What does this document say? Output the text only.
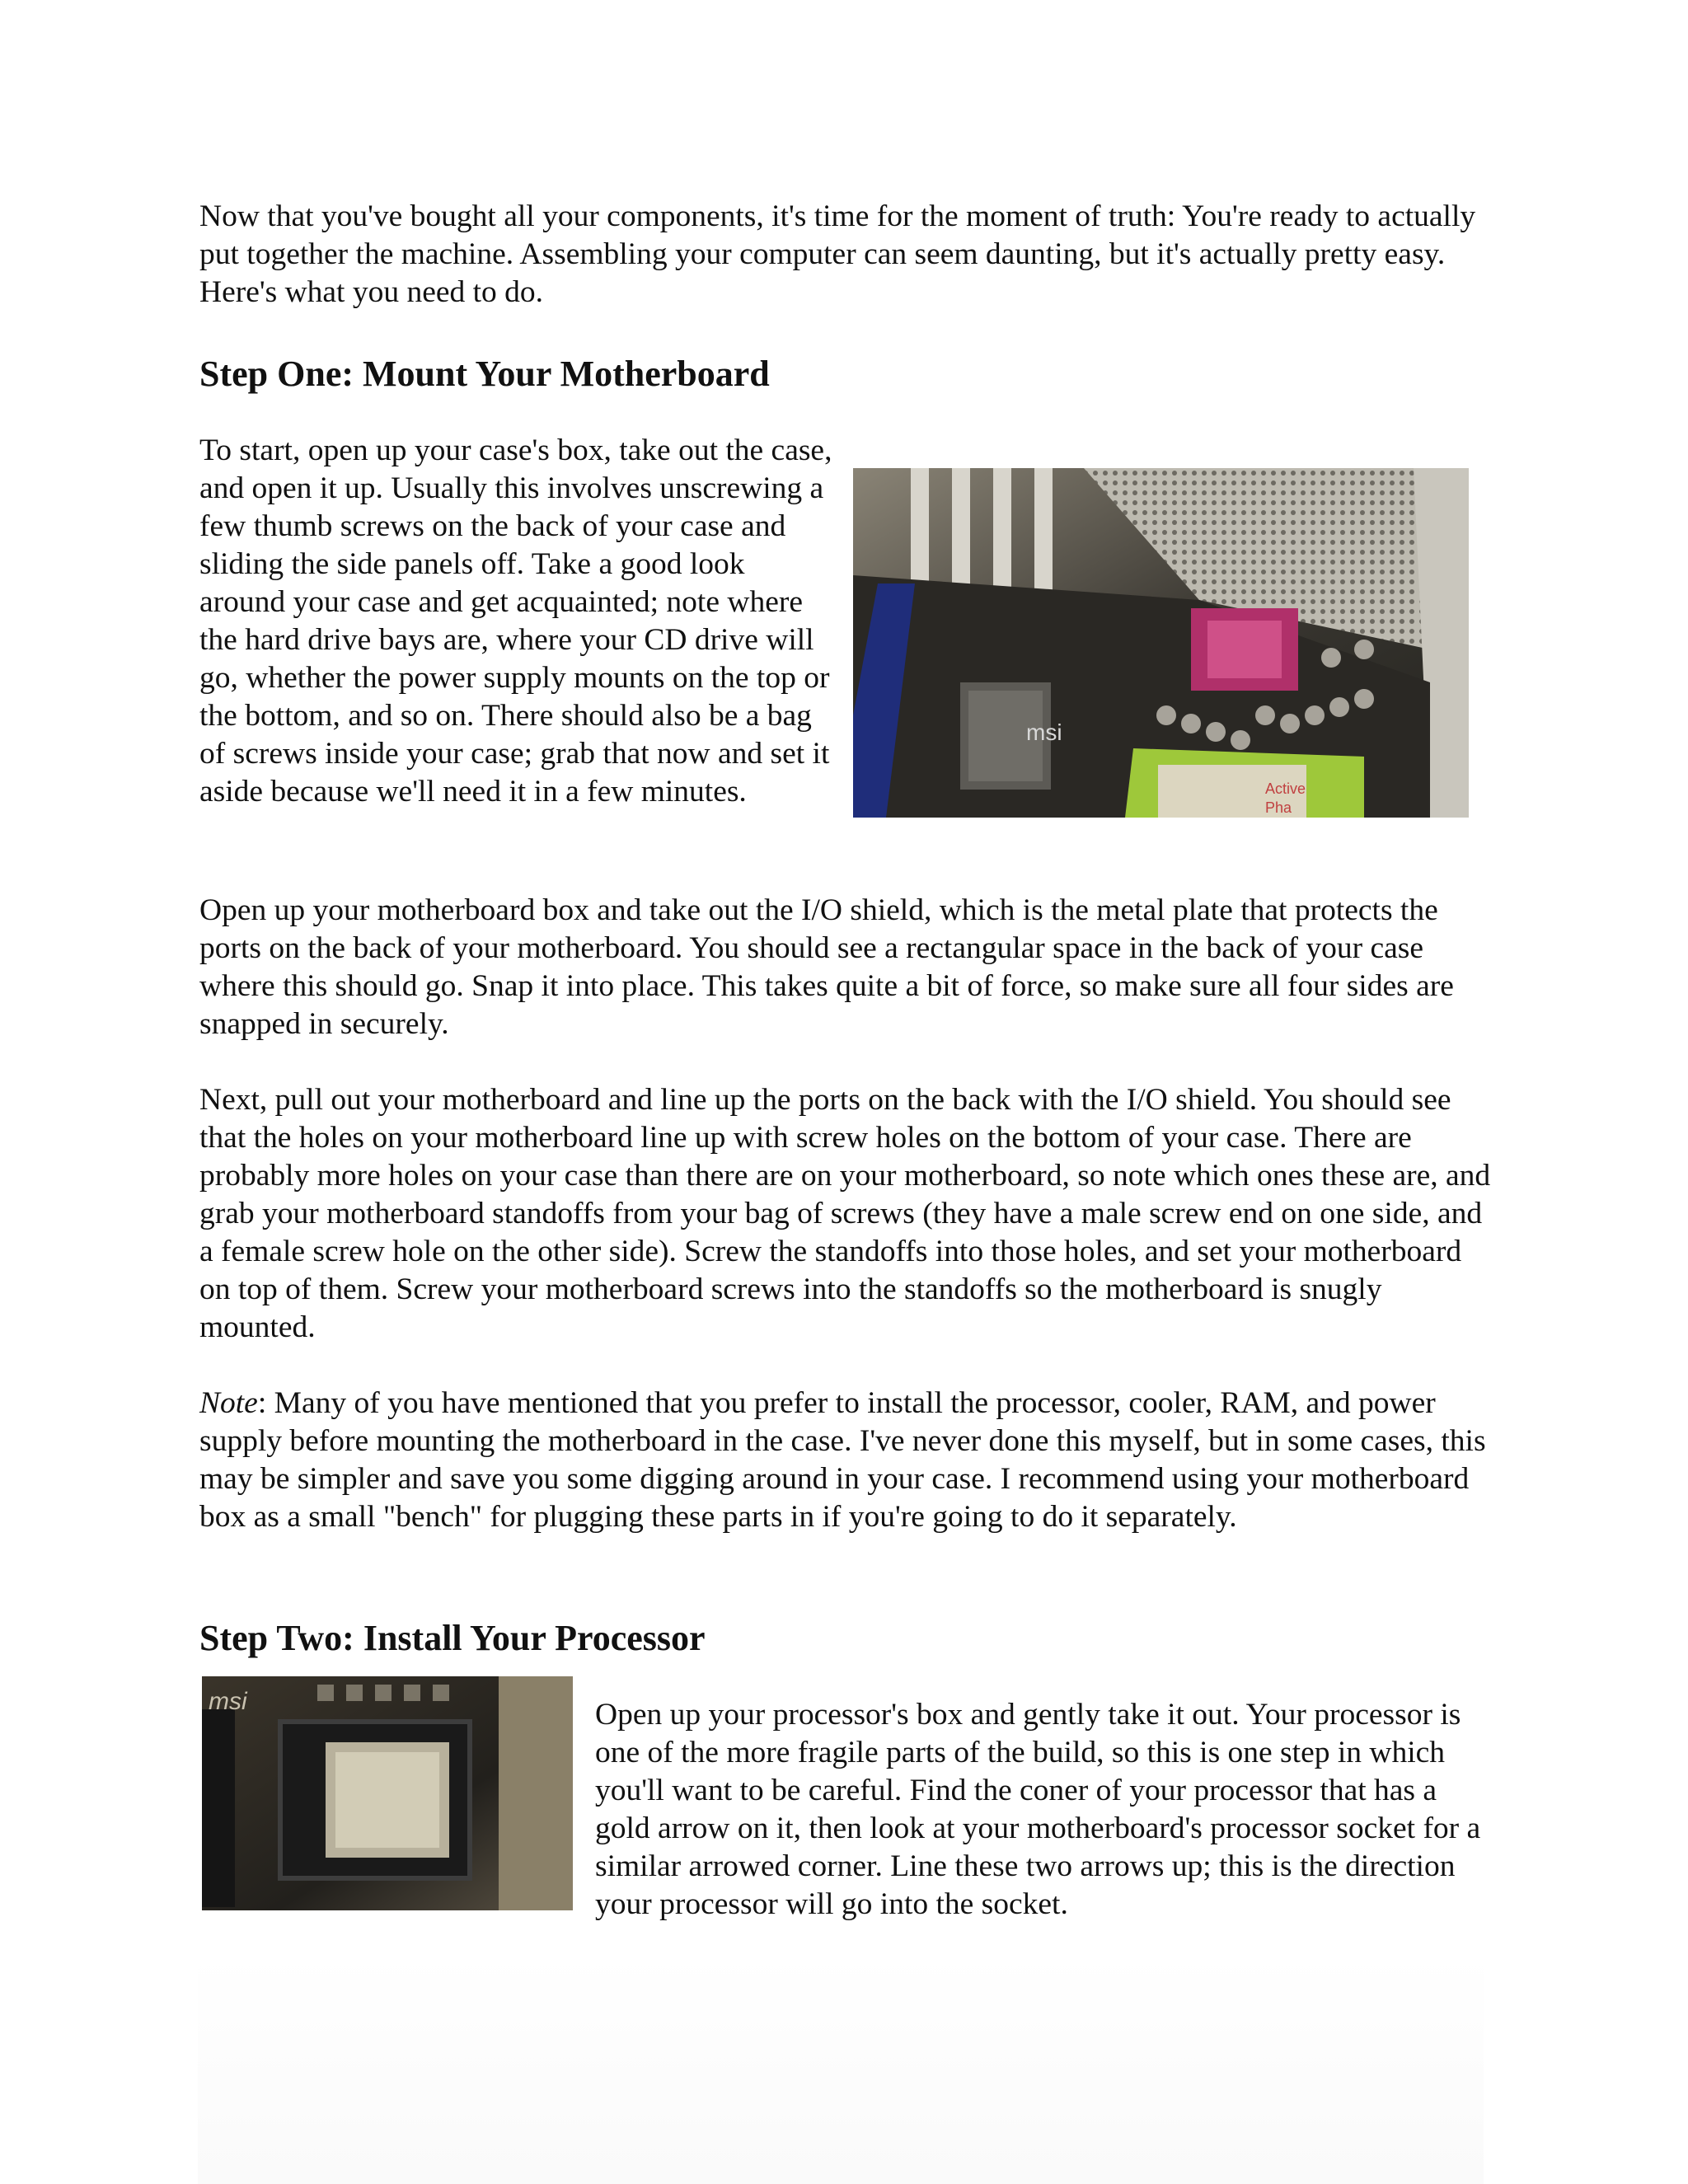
Now that you've bought all your components, it's time for the moment of truth: You're ready to actually put together the machine. Assembling your computer can seem daunting, but it's actually pretty easy. Here's what you need to do.

Step One: Mount Your Motherboard

To start, open up your case's box, take out the case, and open it up. Usually this involves unscrewing a few thumb screws on the back of your case and sliding the side panels off. Take a good look around your case and get acquainted; note where the hard drive bays are, where your CD drive will go, whether the power supply mounts on the top or the bottom, and so on. There should also be a bag of screws inside your case; grab that now and set it aside because we'll need it in a few minutes.

msi
Active
Pha

Open up your motherboard box and take out the I/O shield, which is the metal plate that protects the ports on the back of your motherboard. You should see a rectangular space in the back of your case where this should go. Snap it into place. This takes quite a bit of force, so make sure all four sides are snapped in securely.

Next, pull out your motherboard and line up the ports on the back with the I/O shield. You should see that the holes on your motherboard line up with screw holes on the bottom of your case. There are probably more holes on your case than there are on your motherboard, so note which ones these are, and grab your motherboard standoffs from your bag of screws (they have a male screw end on one side, and a female screw hole on the other side). Screw the standoffs into those holes, and set your motherboard on top of them. Screw your motherboard screws into the standoffs so the motherboard is snugly mounted.

Note: Many of you have mentioned that you prefer to install the processor, cooler, RAM, and power supply before mounting the motherboard in the case. I've never done this myself, but in some cases, this may be simpler and save you some digging around in your case. I recommend using your motherboard box as a small "bench" for plugging these parts in if you're going to do it separately.

Step Two: Install Your Processor
msi	Open up your processor's box and gently take it out. Your processor is one of the more fragile parts of the build, so this is one step in which you'll want to be careful. Find the coner of your processor that has a gold arrow on it, then look at your motherboard's processor socket for a similar arrowed corner. Line these two arrows up; this is the direction your processor will go into the socket.
